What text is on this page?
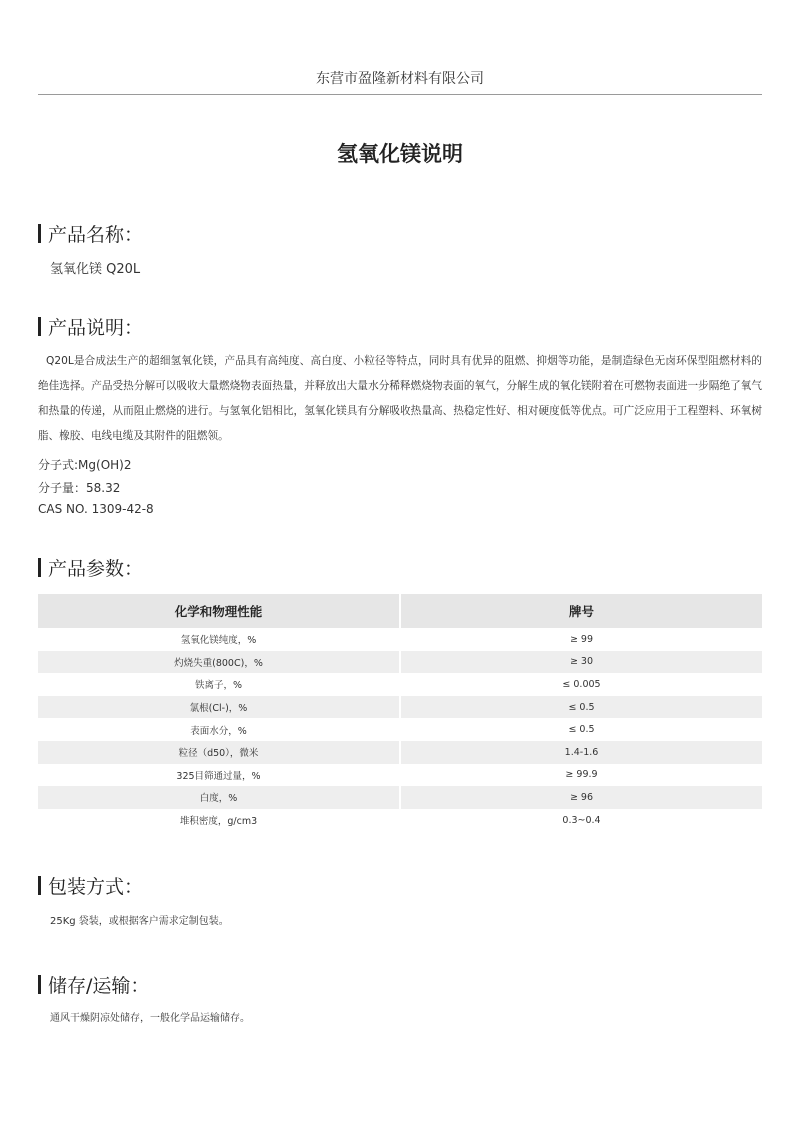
东营市盈隆新材料有限公司
氢氧化镁说明
产品名称：
氢氧化镁 Q20L
产品说明：
Q20L是合成法生产的超细氢氧化镁，产品具有高纯度、高白度、小粒径等特点，同时具有优异的阻燃、抑烟等功能，是制造绿色无卤环保型阻燃材料的绝佳选择。产品受热分解可以吸收大量燃烧物表面热量，并释放出大量水分稀释燃烧物表面的氧气，分解生成的氧化镁附着在可燃物表面进一步隔绝了氧气和热量的传递，从而阻止燃烧的进行。与氢氧化铝相比，氢氧化镁具有分解吸收热量高、热稳定性好、相对硬度低等优点。可广泛应用于工程塑料、环氧树脂、橡胶、电线电缆及其附件的阻燃领。
分子式:Mg(OH)2
分子量：58.32
CAS NO. 1309-42-8
产品参数：
化学和物理性能	牌号
氢氧化镁纯度，%	≥ 99
灼烧失重(800C)，%	≥ 30
铁离子，%	≤ 0.005
氯根(Cl-)，%	≤ 0.5
表面水分，%	≤ 0.5
粒径（d50），微米	1.4-1.6
325目筛通过量，%	≥ 99.9
白度，%	≥ 96
堆积密度，g/cm3	0.3~0.4
包装方式：
25Kg 袋装，或根据客户需求定制包装。
储存/运输：
通风干燥阴凉处储存，一般化学品运输储存。
